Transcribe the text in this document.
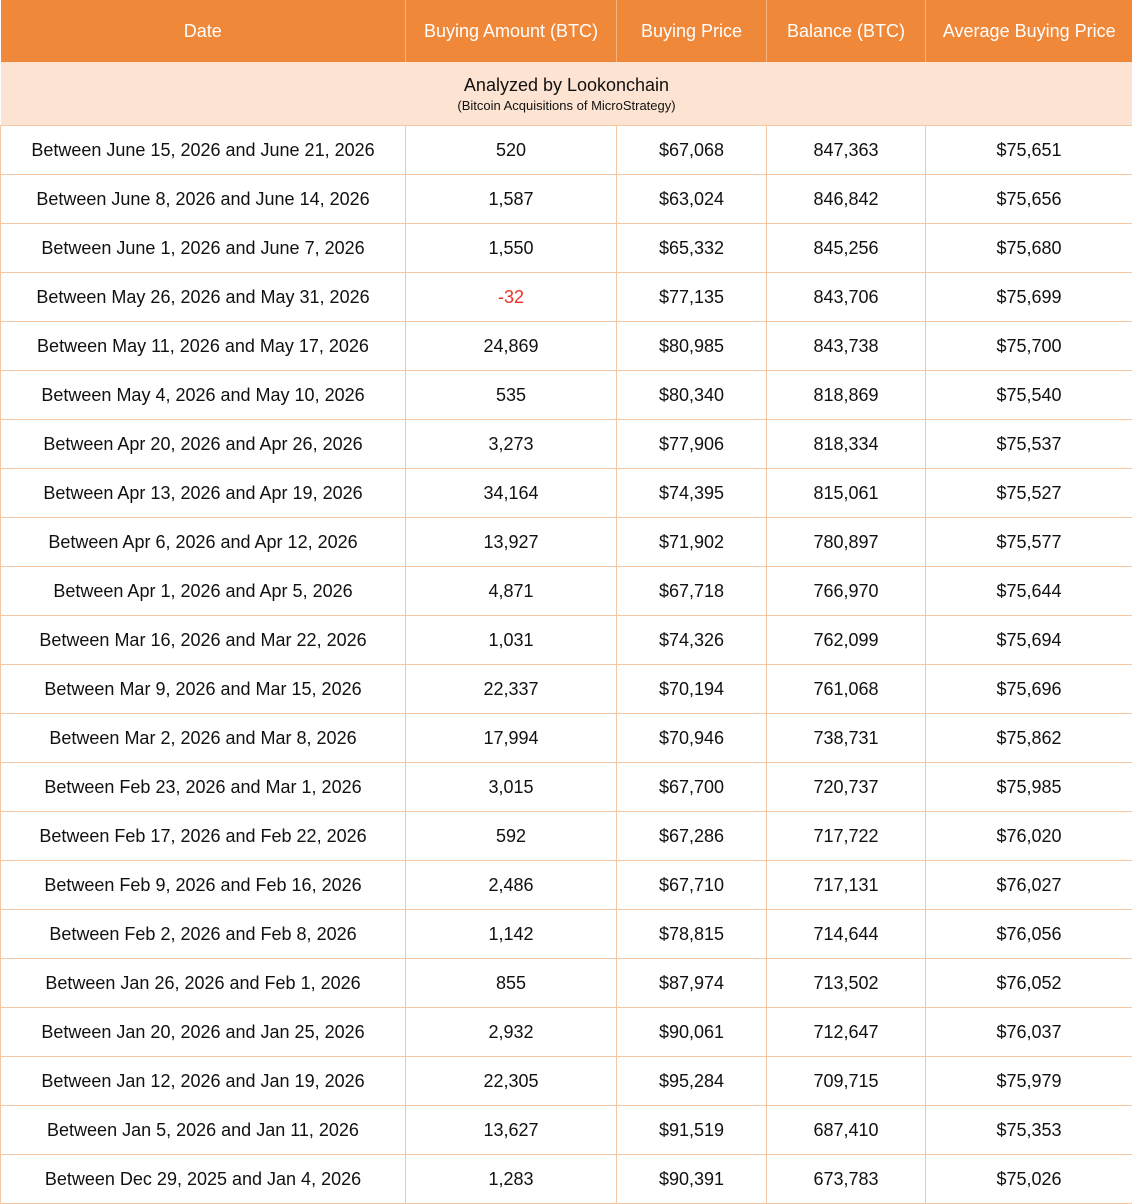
Date	Buying Amount (BTC)	Buying Price	Balance (BTC)	Average Buying Price

Analyzed by Lookonchain
(Bitcoin Acquisitions of MicroStrategy)				

Between June 15, 2026 and June 21, 2026	520	$67,068	847,363	$75,651
Between June 8, 2026 and June 14, 2026	1,587	$63,024	846,842	$75,656
Between June 1, 2026 and June 7, 2026	1,550	$65,332	845,256	$75,680
Between May 26, 2026 and May 31, 2026	-32	$77,135	843,706	$75,699
Between May 11, 2026 and May 17, 2026	24,869	$80,985	843,738	$75,700
Between May 4, 2026 and May 10, 2026	535	$80,340	818,869	$75,540
Between Apr 20, 2026 and Apr 26, 2026	3,273	$77,906	818,334	$75,537
Between Apr 13, 2026 and Apr 19, 2026	34,164	$74,395	815,061	$75,527
Between Apr 6, 2026 and Apr 12, 2026	13,927	$71,902	780,897	$75,577
Between Apr 1, 2026 and Apr 5, 2026	4,871	$67,718	766,970	$75,644
Between Mar 16, 2026 and Mar 22, 2026	1,031	$74,326	762,099	$75,694
Between Mar 9, 2026 and Mar 15, 2026	22,337	$70,194	761,068	$75,696
Between Mar 2, 2026 and Mar 8, 2026	17,994	$70,946	738,731	$75,862
Between Feb 23, 2026 and Mar 1, 2026	3,015	$67,700	720,737	$75,985
Between Feb 17, 2026 and Feb 22, 2026	592	$67,286	717,722	$76,020
Between Feb 9, 2026 and Feb 16, 2026	2,486	$67,710	717,131	$76,027
Between Feb 2, 2026 and Feb 8, 2026	1,142	$78,815	714,644	$76,056
Between Jan 26, 2026 and Feb 1, 2026	855	$87,974	713,502	$76,052
Between Jan 20, 2026 and Jan 25, 2026	2,932	$90,061	712,647	$76,037
Between Jan 12, 2026 and Jan 19, 2026	22,305	$95,284	709,715	$75,979
Between Jan 5, 2026 and Jan 11, 2026	13,627	$91,519	687,410	$75,353
Between Dec 29, 2025 and Jan 4, 2026	1,283	$90,391	673,783	$75,026
